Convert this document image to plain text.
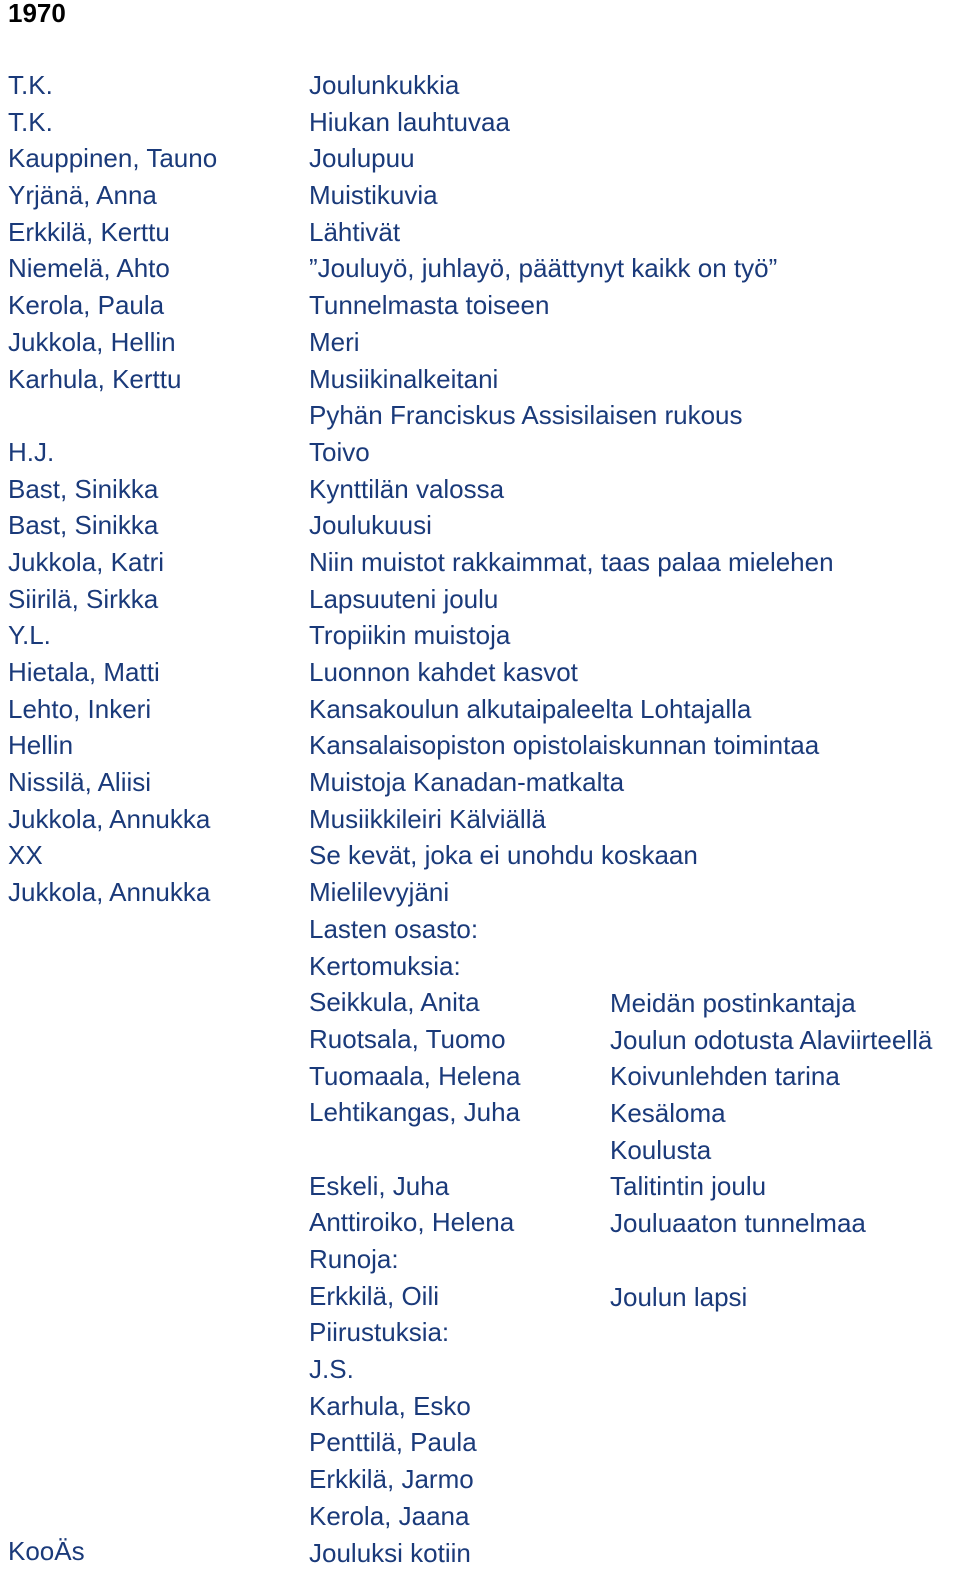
1970
T.K.
T.K.
Kauppinen, Tauno
Yrjänä, Anna
Erkkilä, Kerttu
Niemelä, Ahto
Kerola, Paula
Jukkola, Hellin
Karhula, Kerttu
H.J.
Bast, Sinikka
Bast, Sinikka
Jukkola, Katri
Siirilä, Sirkka
Y.L.
Hietala, Matti
Lehto, Inkeri
Hellin
Nissilä, Aliisi
Jukkola, Annukka
XX
Jukkola, Annukka
Joulunkukkia
Hiukan lauhtuvaa
Joulupuu
Muistikuvia
Lähtivät
”Jouluyö, juhlayö, päättynyt kaikk on työ”
Tunnelmasta toiseen
Meri
Musiikinalkeitani
Pyhän Franciskus Assisilaisen rukous
Toivo
Kynttilän valossa
Joulukuusi
Niin muistot rakkaimmat, taas palaa mielehen
Lapsuuteni joulu
Tropiikin muistoja
Luonnon kahdet kasvot
Kansakoulun alkutaipaleelta Lohtajalla
Kansalaisopiston opistolaiskunnan toimintaa
Muistoja Kanadan-matkalta
Musiikkileiri Kälviällä
Se kevät, joka ei unohdu koskaan
Mielilevyjäni
Lasten osasto:
Kertomuksia:
Seikkula, Anita
Ruotsala, Tuomo
Tuomaala, Helena
Lehtikangas, Juha
Eskeli, Juha
Anttiroiko, Helena
Runoja:
Erkkilä, Oili
Piirustuksia:
J.S.
Karhula, Esko
Penttilä, Paula
Erkkilä, Jarmo
Kerola, Jaana
Jouluksi kotiin
Meidän postinkantaja
Joulun odotusta Alaviirteellä
Koivunlehden tarina
Kesäloma
Koulusta
Talitintin joulu
Jouluaaton tunnelmaa
Joulun lapsi
KooÄs
